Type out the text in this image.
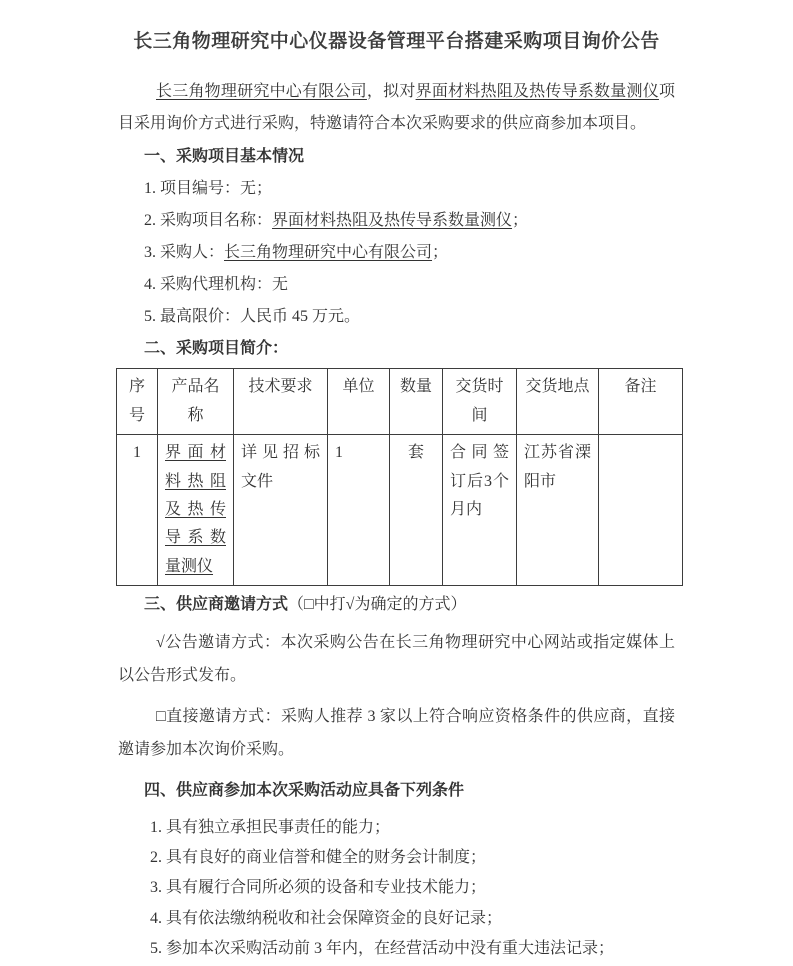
长三角物理研究中心仪器设备管理平台搭建采购项目询价公告

长三角物理研究中心有限公司，拟对界面材料热阻及热传导系数量测仪项目采用询价方式进行采购，特邀请符合本次采购要求的供应商参加本项目。

一、采购项目基本情况
1. 项目编号：无；
2. 采购项目名称：界面材料热阻及热传导系数量测仪；
3. 采购人：长三角物理研究中心有限公司；
4. 采购代理机构：无
5. 最高限价：人民币 45 万元。
二、采购项目简介：
序号	产品名称	技术要求	单位	数量	交货时间	交货地点	备注
1	界面材料热阻及热传导系数量测仪	详见招标文件	1	套	合同签订后3个月内	江苏省溧阳市	
三、供应商邀请方式（□中打√为确定的方式）

√公告邀请方式：本次采购公告在长三角物理研究中心网站或指定媒体上以公告形式发布。

□直接邀请方式：采购人推荐 3 家以上符合响应资格条件的供应商，直接邀请参加本次询价采购。

四、供应商参加本次采购活动应具备下列条件
1. 具有独立承担民事责任的能力；
2. 具有良好的商业信誉和健全的财务会计制度；
3. 具有履行合同所必须的设备和专业技术能力；
4. 具有依法缴纳税收和社会保障资金的良好记录；
5. 参加本次采购活动前 3 年内，在经营活动中没有重大违法记录；
